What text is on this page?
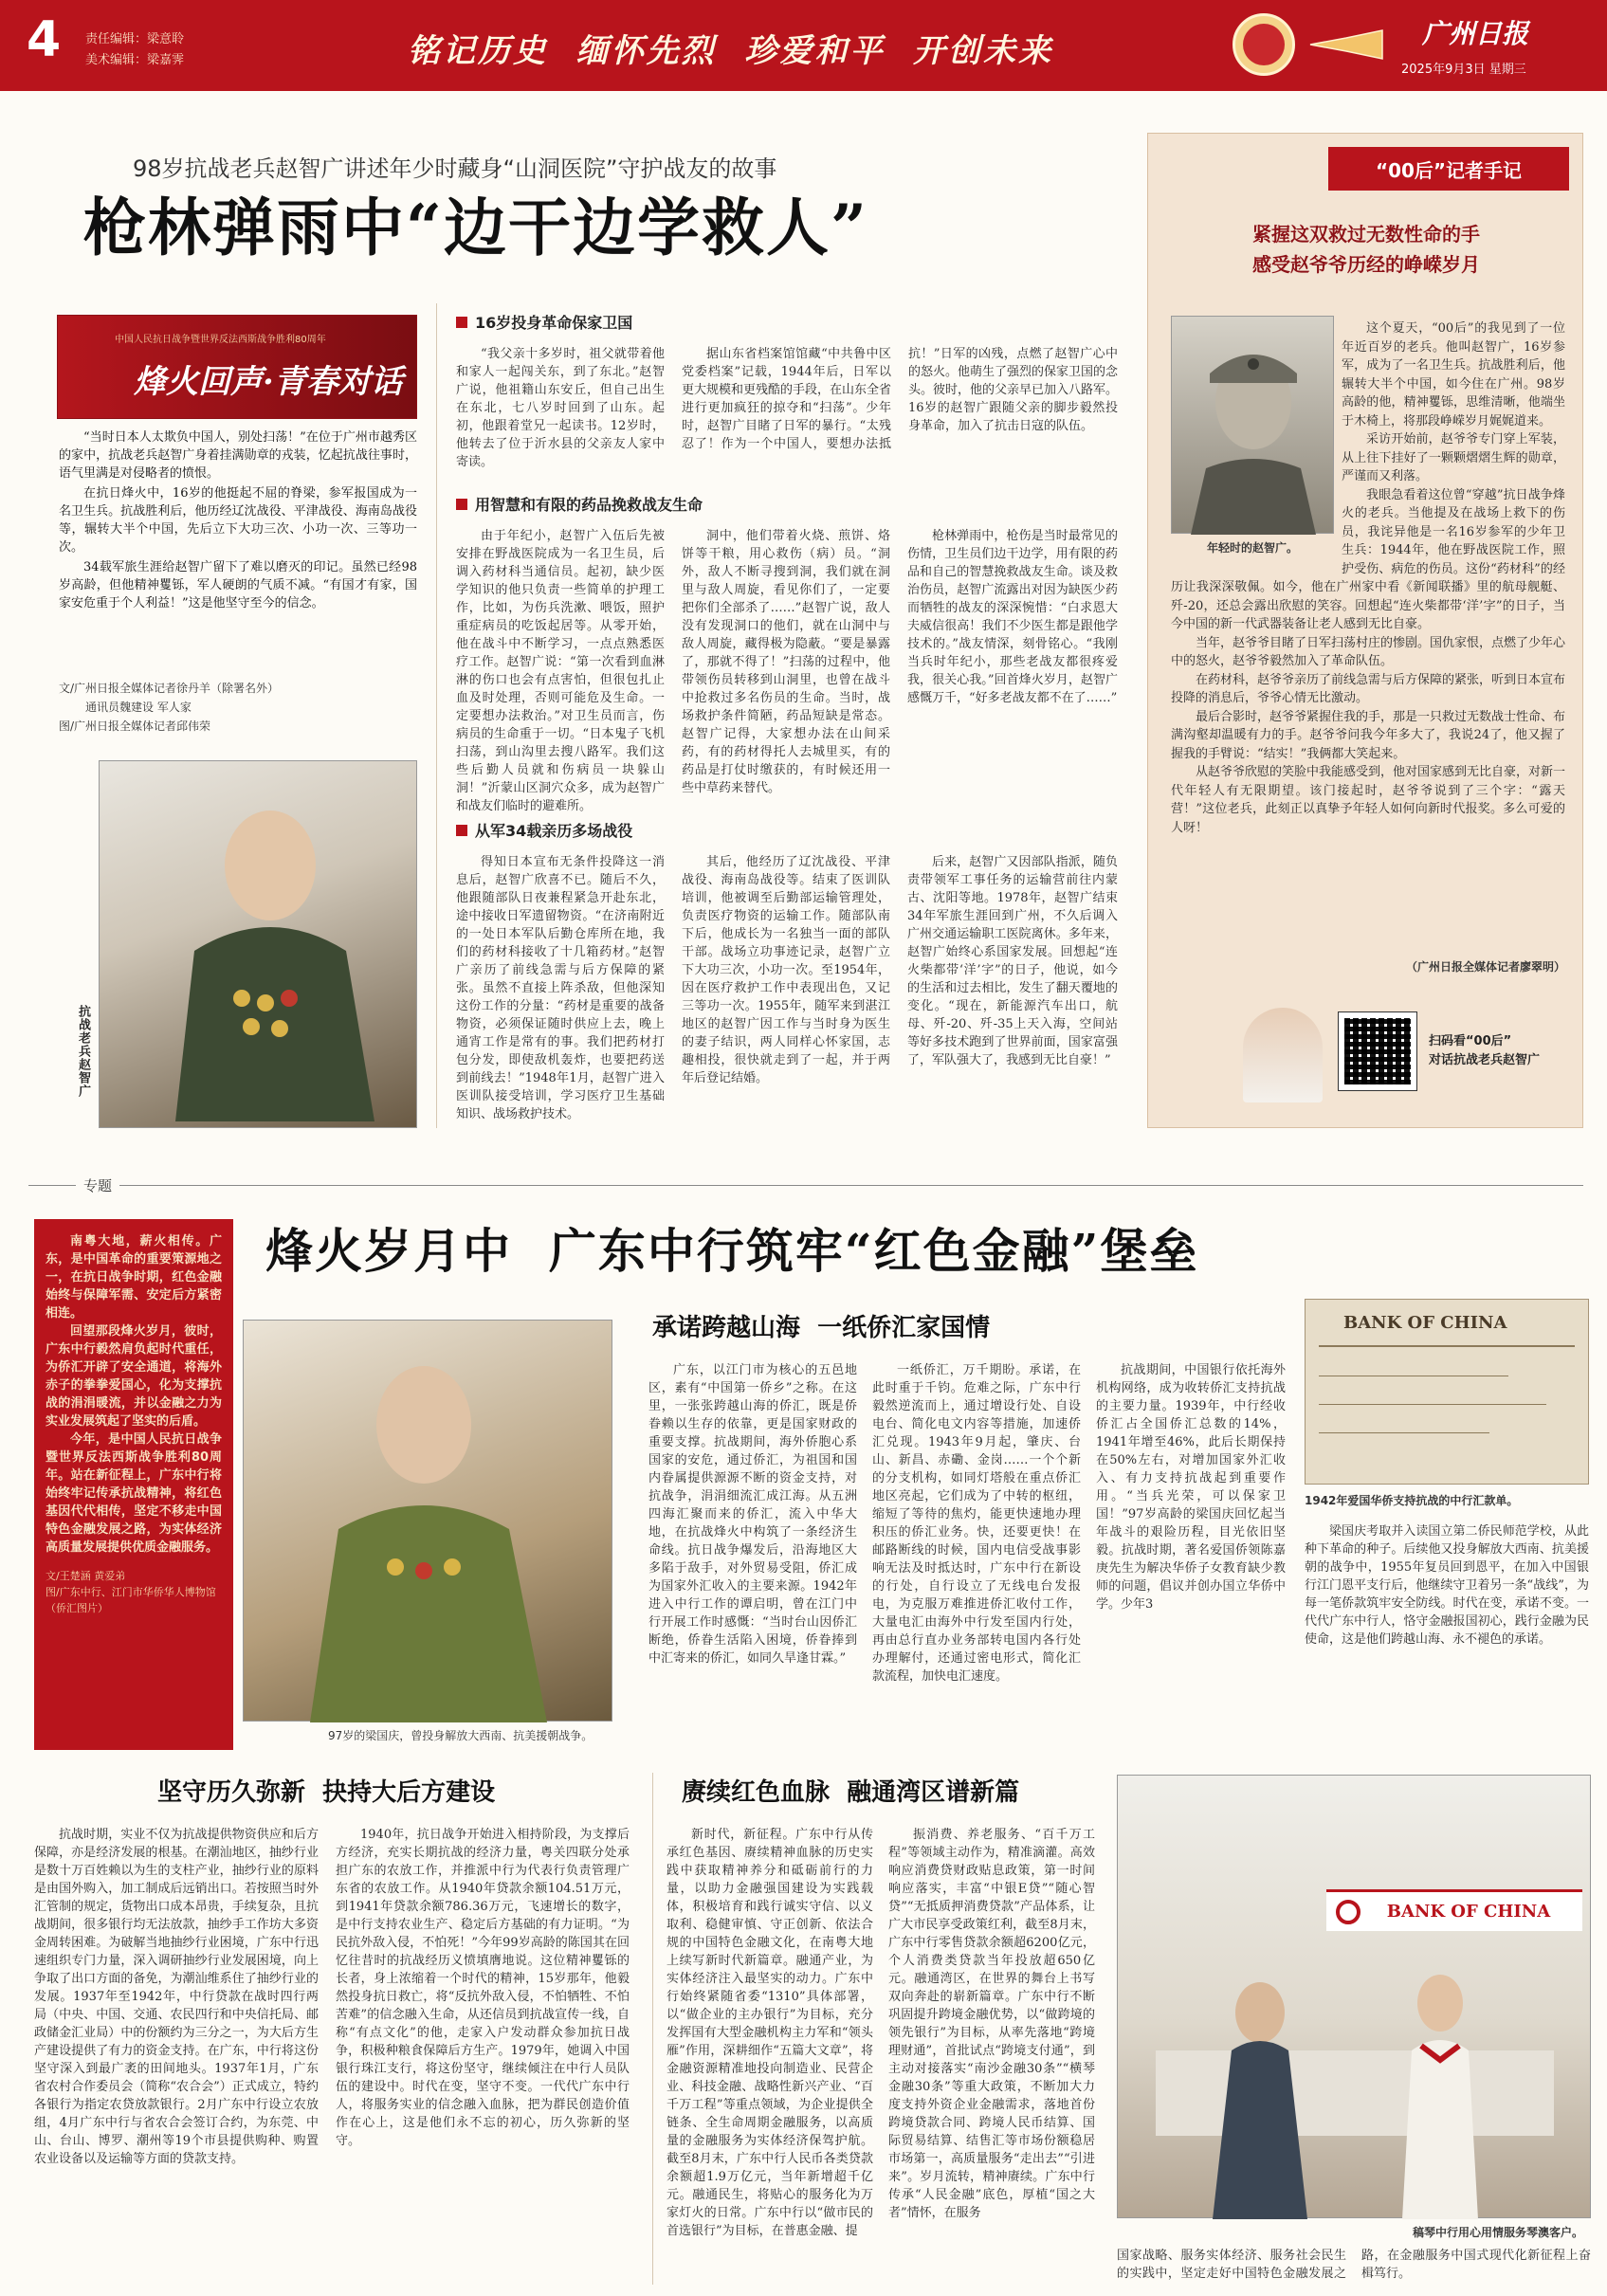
4 责任编辑：梁意聆
美术编辑：梁嘉霁	铭记历史  缅怀先烈  珍爱和平  开创未来	广州日报
2025年9月3日 星期三
98岁抗战老兵赵智广讲述年少时藏身“山洞医院”守护战友的故事
枪林弹雨中“边干边学救人”
中国人民抗日战争暨世界反法西斯战争胜利80周年
烽火回声·青春对话

“当时日本人太欺负中国人，别处扫荡！”在位于广州市越秀区的家中，抗战老兵赵智广身着挂满勋章的戎装，忆起抗战往事时，语气里满是对侵略者的愤恨。

在抗日烽火中，16岁的他挺起不屈的脊梁，参军报国成为一名卫生兵。抗战胜利后，他历经辽沈战役、平津战役、海南岛战役等，辗转大半个中国，先后立下大功三次、小功一次、三等功一次。

34载军旅生涯给赵智广留下了难以磨灭的印记。虽然已经98岁高龄，但他精神矍铄，军人硬朗的气质不减。“有国才有家，国家安危重于个人利益！”这是他坚守至今的信念。

文/广州日报全媒体记者徐丹羊（除署名外）
通讯员魏建设 军人家
图/广州日报全媒体记者邱伟荣
抗战老兵赵智广
16岁投身革命保家卫国

“我父亲十多岁时，祖父就带着他和家人一起闯关东，到了东北。”赵智广说，他祖籍山东安丘，但自己出生在东北，七八岁时回到了山东。起初，他跟着堂兄一起读书。12岁时，他转去了位于沂水县的父亲友人家中寄读。

据山东省档案馆馆藏“中共鲁中区党委档案”记载，1944年后，日军以更大规模和更残酷的手段，在山东全省进行更加疯狂的掠夺和“扫荡”。少年时，赵智广目睹了日军的暴行。“太残忍了！作为一个中国人，要想办法抵抗！”日军的凶残，点燃了赵智广心中的怒火。他萌生了强烈的保家卫国的念头。彼时，他的父亲早已加入八路军。16岁的赵智广跟随父亲的脚步毅然投身革命，加入了抗击日寇的队伍。

用智慧和有限的药品挽救战友生命

由于年纪小，赵智广入伍后先被安排在野战医院成为一名卫生员，后调入药材科当通信员。起初，缺少医学知识的他只负责一些简单的护理工作，比如，为伤兵洗漱、喂饭，照护重症病员的吃饭起居等。从零开始，他在战斗中不断学习，一点点熟悉医疗工作。赵智广说：“第一次看到血淋淋的伤口也会有点害怕，但很包扎止血及时处理，否则可能危及生命。一定要想办法救治。”对卫生员而言，伤病员的生命重于一切。“日本鬼子飞机扫荡，到山沟里去搜八路军。我们这些后勤人员就和伤病员一块躲山洞！”沂蒙山区洞穴众多，成为赵智广和战友们临时的避难所。

洞中，他们带着火烧、煎饼、烙饼等干粮，用心救伤（病）员。“洞外，敌人不断寻搜到洞，我们就在洞里与敌人周旋，看见你们了，一定要把你们全部杀了……”赵智广说，敌人没有发现洞口的他们，就在山洞中与敌人周旋，藏得极为隐蔽。“要是暴露了，那就不得了！”扫荡的过程中，他带领伤员转移到山洞里，也曾在战斗中抢救过多名伤员的生命。当时，战场救护条件简陋，药品短缺是常态。赵智广记得，大家想办法在山间采药，有的药材得托人去城里买，有的药品是打仗时缴获的，有时候还用一些中草药来替代。

枪林弹雨中，枪伤是当时最常见的伤情，卫生员们边干边学，用有限的药品和自己的智慧挽救战友生命。谈及救治伤员，赵智广流露出对因为缺医少药而牺牲的战友的深深惋惜：“白求恩大夫威信很高！我们不少医生都是跟他学技术的。”战友情深，刻骨铭心。“我刚当兵时年纪小，那些老战友都很疼爱我，很关心我。”回首烽火岁月，赵智广感慨万千，“好多老战友都不在了……”

从军34载亲历多场战役

得知日本宣布无条件投降这一消息后，赵智广欣喜不已。随后不久，他跟随部队日夜兼程紧急开赴东北，途中接收日军遗留物资。“在济南附近的一处日本军队后勤仓库所在地，我们的药材科接收了十几箱药材。”赵智广亲历了前线急需与后方保障的紧张。虽然不直接上阵杀敌，但他深知这份工作的分量：“药材是重要的战备物资，必须保证随时供应上去，晚上通宵工作是常有的事。我们把药材打包分发，即使敌机轰炸，也要把药送到前线去！”1948年1月，赵智广进入医训队接受培训，学习医疗卫生基础知识、战场救护技术。

其后，他经历了辽沈战役、平津战役、海南岛战役等。结束了医训队培训，他被调至后勤部运输管理处，负责医疗物资的运输工作。随部队南下后，他成长为一名独当一面的部队干部。战场立功事迹记录，赵智广立下大功三次，小功一次。至1954年，因在医疗救护工作中表现出色，又记三等功一次。1955年，随军来到湛江地区的赵智广因工作与当时身为医生的妻子结识，两人同样心怀家国，志趣相投，很快就走到了一起，并于两年后登记结婚。

后来，赵智广又因部队指派，随负责带领军工事任务的运输营前往内蒙古、沈阳等地。1978年，赵智广结束34年军旅生涯回到广州，不久后调入广州交通运输职工医院离休。多年来，赵智广始终心系国家发展。回想起“连火柴都带‘洋’字”的日子，他说，如今的生活和过去相比，发生了翻天覆地的变化。“现在，新能源汽车出口，航母、歼-20、歼-35上天入海，空间站等好多技术跑到了世界前面，国家富强了，军队强大了，我感到无比自豪！”

“00后”记者手记
紧握这双救过无数性命的手
感受赵爷爷历经的峥嵘岁月
年轻时的赵智广。

这个夏天，“00后”的我见到了一位年近百岁的老兵。他叫赵智广，16岁参军，成为了一名卫生兵。抗战胜利后，他辗转大半个中国，如今住在广州。98岁高龄的他，精神矍铄，思维清晰，他端坐于木椅上，将那段峥嵘岁月娓娓道来。

采访开始前，赵爷爷专门穿上军装，从上往下挂好了一颗颗熠熠生辉的勋章，严谨而又利落。

我眼急看着这位曾“穿越”抗日战争烽火的老兵。当他提及在战场上救下的伤员，我诧异他是一名16岁参军的少年卫生兵：1944年，他在野战医院工作，照护受伤、病危的伤员。这份“药材科”的经历让我深深敬佩。如今，他在广州家中看《新闻联播》里的航母舰艇、歼-20，还总会露出欣慰的笑容。回想起“连火柴都带‘洋’字”的日子，当今中国的新一代武器装备让老人感到无比自豪。

当年，赵爷爷目睹了日军扫荡村庄的惨剧。国仇家恨，点燃了少年心中的怒火，赵爷爷毅然加入了革命队伍。

在药材科，赵爷爷亲历了前线急需与后方保障的紧张，听到日本宣布投降的消息后，爷爷心情无比激动。

最后合影时，赵爷爷紧握住我的手，那是一只救过无数战士性命、布满沟壑却温暖有力的手。赵爷爷问我今年多大了，我说24了，他又握了握我的手臂说：“结实！”我俩都大笑起来。

从赵爷爷欣慰的笑脸中我能感受到，他对国家感到无比自豪，对新一代年轻人有无限期望。该门接起时，赵爷爷说到了三个字：“露天营！”这位老兵，此刻正以真挚予年轻人如何向新时代报奖。多么可爱的人呀！

（广州日报全媒体记者廖翠明）
扫码看“00后”
对话抗战老兵赵智广
专题
烽火岁月中  广东中行筑牢“红色金融”堡垒

南粤大地，薪火相传。广东，是中国革命的重要策源地之一，在抗日战争时期，红色金融始终与保障军需、安定后方紧密相连。

回望那段烽火岁月，彼时，广东中行毅然肩负起时代重任，为侨汇开辟了安全通道，将海外赤子的拳拳爱国心，化为支撑抗战的涓涓暖流，并以金融之力为实业发展筑起了坚实的后盾。

今年，是中国人民抗日战争暨世界反法西斯战争胜利80周年。站在新征程上，广东中行将始终牢记传承抗战精神，将红色基因代代相传，坚定不移走中国特色金融发展之路，为实体经济高质量发展提供优质金融服务。

文/王楚涵 黄爱弟
图/广东中行、江门市华侨华人博物馆（侨汇图片）
97岁的梁国庆，曾投身解放大西南、抗美援朝战争。
BANK OF CHINA
1942年爱国华侨支持抗战的中行汇款单。
承诺跨越山海  一纸侨汇家国情

广东，以江门市为核心的五邑地区，素有“中国第一侨乡”之称。在这里，一张张跨越山海的侨汇，既是侨眷赖以生存的依靠，更是国家财政的重要支撑。抗战期间，海外侨胞心系国家的安危，通过侨汇，为祖国和国内眷属提供源源不断的资金支持，对抗战争，涓涓细流汇成江海。从五洲四海汇聚而来的侨汇，流入中华大地，在抗战烽火中构筑了一条经济生命线。抗日战争爆发后，沿海地区大多陷于敌手，对外贸易受阻，侨汇成为国家外汇收入的主要来源。1942年进入中行工作的谭启明，曾在江门中行开展工作时感慨：“当时台山因侨汇断绝，侨眷生活陷入困境，侨眷捧到中汇寄来的侨汇，如同久旱逢甘霖。”

一纸侨汇，万千期盼。承诺，在此时重于千钧。危难之际，广东中行毅然逆流而上，通过增设行处、自设电台、简化电文内容等措施，加速侨汇兑现。1943年9月起，肇庆、台山、新昌、赤磡、金岗……一个个新的分支机构，如同灯塔般在重点侨汇地区亮起，它们成为了中转的枢纽，缩短了等待的焦灼，能更快速地办理积压的侨汇业务。快，还要更快！在邮路断线的时候，国内电信受战事影响无法及时抵达时，广东中行在新设的行处，自行设立了无线电台发报电，为克服万难推进侨汇收付工作，大量电汇由海外中行发至国内行处，再由总行直办业务部转电国内各行处办理解付，还通过密电形式，简化汇款流程，加快电汇速度。

抗战期间，中国银行依托海外机构网络，成为收转侨汇支持抗战的主要力量。1939年，中行经收侨汇占全国侨汇总数的14%，1941年增至46%，此后长期保持在50%左右，对增加国家外汇收入、有力支持抗战起到重要作用。“当兵光荣，可以保家卫国！”97岁高龄的梁国庆回忆起当年战斗的艰险历程，目光依旧坚毅。抗战时期，著名爱国侨领陈嘉庚先生为解决华侨子女教育缺少教师的问题，倡议并创办国立华侨中学。少年3

梁国庆考取并入读国立第二侨民师范学校，从此种下革命的种子。后续他又投身解放大西南、抗美援朝的战争中，1955年复员回到恩平，在加入中国银行江门恩平支行后，他继续守卫着另一条“战线”，为每一笔侨款筑牢安全防线。时代在变，承诺不变。一代代广东中行人，恪守金融报国初心，践行金融为民使命，这是他们跨越山海、永不褪色的承诺。

坚守历久弥新  抉持大后方建设

抗战时期，实业不仅为抗战提供物资供应和后方保障，亦是经济发展的根基。在潮汕地区，抽纱行业是数十万百姓赖以为生的支柱产业，抽纱行业的原料是由国外购入，加工制成后远销出口。若按照当时外汇管制的规定，货物出口成本昂贵，手续复杂，且抗战期间，很多银行均无法放款，抽纱手工作坊大多资金周转困难。为破解当地抽纱行业困境，广东中行迅速组织专门力量，深入调研抽纱行业发展困境，向上争取了出口方面的备免，为潮汕维系住了抽纱行业的发展。1937年至1942年，中行贷款在战时四行两局（中央、中国、交通、农民四行和中央信托局、邮政储金汇业局）中的份额约为三分之一，为大后方生产建设提供了有力的资金支持。在广东，中行将这份坚守深入到最广袤的田间地头。1937年1月，广东省农村合作委员会（简称“农合会”）正式成立，特约各银行为指定农贷放款银行。2月广东中行设立农放组，4月广东中行与省农合会签订合约，为东莞、中山、台山、博罗、潮州等19个市县提供购种、购置农业设备以及运输等方面的贷款支持。

1940年，抗日战争开始进入相持阶段，为支撑后方经济，充实长期抗战的经济力量，粤关四联分处承担广东的农放工作，并推派中行为代表行负责管理广东省的农放工作。从1940年贷款余额104.51万元，到1941年贷款余额786.36万元，飞速增长的数字，是中行支持农业生产、稳定后方基础的有力证明。“为民抗外敌入侵，不怕死！”今年99岁高龄的陈国其在回忆往昔时的抗战经历义愤填膺地说。这位精神矍铄的长者，身上浓缩着一个时代的精神，15岁那年，他毅然投身抗日救亡，将“反抗外敌入侵，不怕牺牲、不怕苦难”的信念融入生命，从还信员到抗战宣传一线，自称“有点文化”的他，走家入户发动群众参加抗日战争，积极种粮食保障后方生产。1979年，她调入中国银行珠江支行，将这份坚守，继续倾注在中行人员队伍的建设中。时代在变，坚守不变。一代代广东中行人，将服务实业的信念融入血脉，把为群民创造价值作在心上，这是他们永不忘的初心，历久弥新的坚守。

赓续红色血脉  融通湾区谱新篇

新时代，新征程。广东中行从传承红色基因、赓续精神血脉的历史实践中获取精神养分和砥砺前行的力量，以助力金融强国建设为实践载体，积极培育和践行诚实守信、以义取利、稳健审慎、守正创新、依法合规的中国特色金融文化，在南粤大地上续写新时代新篇章。融通产业，为实体经济注入最坚实的动力。广东中行始终紧随省委“1310”具体部署，以“做企业的主办银行”为目标，充分发挥国有大型金融机构主力军和“领头雁”作用，深耕细作“五篇大文章”，将金融资源精准地投向制造业、民营企业、科技金融、战略性新兴产业、“百千万工程”等重点领域，为企业提供全链条、全生命周期金融服务，以高质量的金融服务为实体经济保驾护航。截至8月末，广东中行人民币各类贷款余额超1.9万亿元，当年新增超千亿元。融通民生，将贴心的服务化为万家灯火的日常。广东中行以“做市民的首选银行”为目标，在普惠金融、提

振消费、养老服务、“百千万工程”等领域主动作为，精准滴灌。高效响应消费贷财政贴息政策，第一时间响应落实，丰富“中银E贷”“随心智贷”“无抵质押消费贷款”产品体系，让广大市民享受政策红利，截至8月末，广东中行零售贷款余额超6200亿元，个人消费类贷款当年投放超650亿元。融通湾区，在世界的舞台上书写双向奔赴的崭新篇章。广东中行不断巩固提升跨境金融优势，以“做跨境的领先银行”为目标，从率先落地“跨境理财通”，首批试点“跨境支付通”，到主动对接落实“南沙金融30条”“横琴金融30条”等重大政策，不断加大力度支持外资企业金融需求，落地首份跨境贷款合同、跨境人民币结算、国际贸易结算、结售汇等市场份额稳居市场第一，高质量服务“走出去”“引进来”。岁月流转，精神赓续。广东中行传承“人民金融”底色，厚植“国之大者”情怀，在服务

BANK OF CHINA
稿琴中行用心用情服务琴澳客户。

国家战略、服务实体经济、服务社会民生的实践中，坚定走好中国特色金融发展之路，在金融服务中国式现代化新征程上奋楫笃行。
